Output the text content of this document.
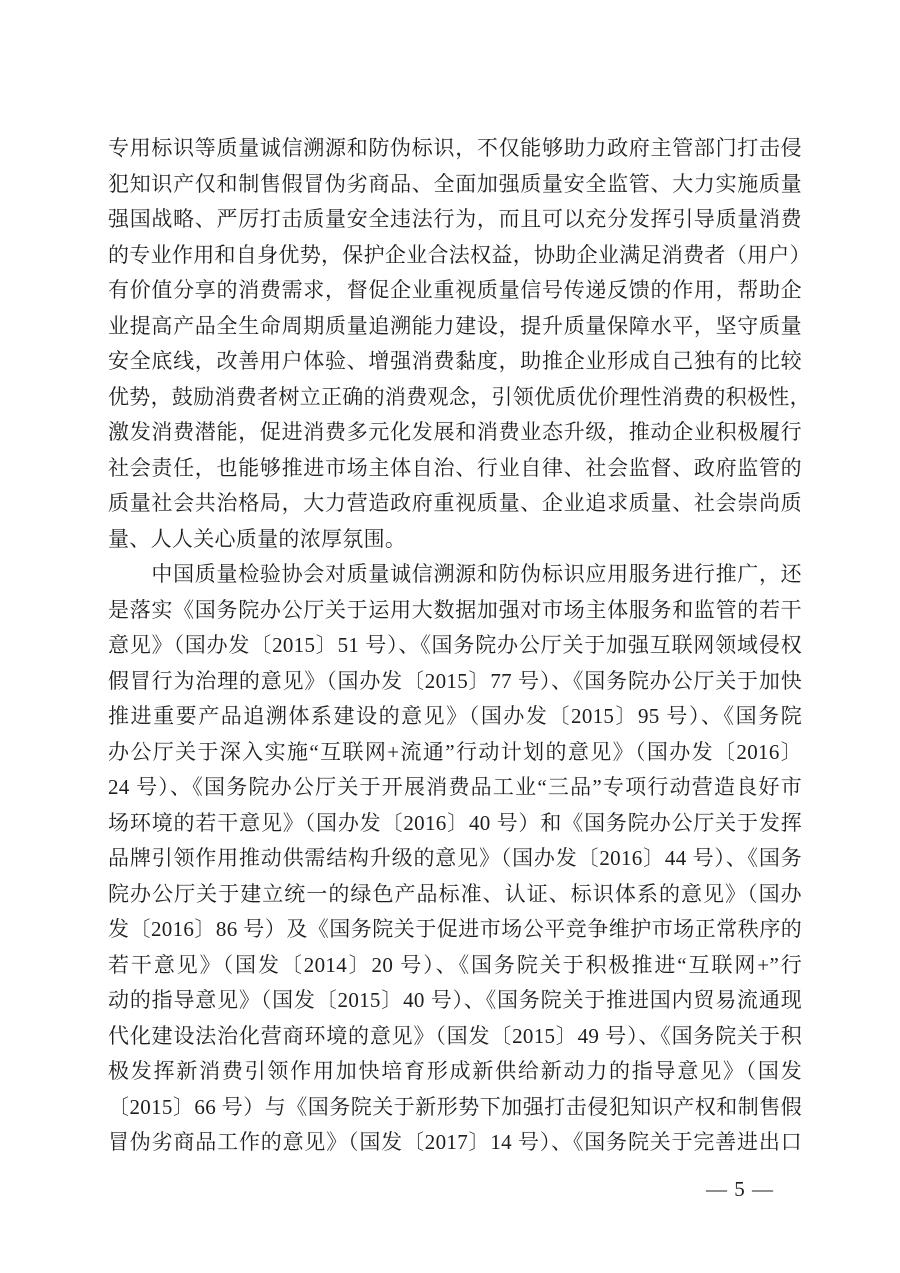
专用标识等质量诚信溯源和防伪标识，不仅能够助力政府主管部门打击侵
犯知识产仅和制售假冒伪劣商品、全面加强质量安全监管、大力实施质量
强国战略、严厉打击质量安全违法行为，而且可以充分发挥引导质量消费
的专业作用和自身优势，保护企业合法权益，协助企业满足消费者（用户）
有价值分享的消费需求，督促企业重视质量信号传递反馈的作用，帮助企
业提高产品全生命周期质量追溯能力建设，提升质量保障水平，坚守质量
安全底线，改善用户体验、增强消费黏度，助推企业形成自己独有的比较
优势，鼓励消费者树立正确的消费观念，引领优质优价理性消费的积极性，
激发消费潜能，促进消费多元化发展和消费业态升级，推动企业积极履行
社会责任，也能够推进市场主体自治、行业自律、社会监督、政府监管的
质量社会共治格局，大力营造政府重视质量、企业追求质量、社会崇尚质
量、人人关心质量的浓厚氛围。
　　中国质量检验协会对质量诚信溯源和防伪标识应用服务进行推广，还
是落实《国务院办公厅关于运用大数据加强对市场主体服务和监管的若干
意见》（国办发〔2015〕51 号）、《国务院办公厅关于加强互联网领域侵权
假冒行为治理的意见》（国办发〔2015〕77 号）、《国务院办公厅关于加快
推进重要产品追溯体系建设的意见》（国办发〔2015〕95 号）、《国务院
办公厅关于深入实施“互联网+流通”行动计划的意见》（国办发〔2016〕
24 号）、《国务院办公厅关于开展消费品工业“三品”专项行动营造良好市
场环境的若干意见》（国办发〔2016〕40 号）和《国务院办公厅关于发挥
品牌引领作用推动供需结构升级的意见》（国办发〔2016〕44 号）、《国务
院办公厅关于建立统一的绿色产品标准、认证、标识体系的意见》（国办
发〔2016〕86 号）及《国务院关于促进市场公平竞争维护市场正常秩序的
若干意见》（国发〔2014〕20 号）、《国务院关于积极推进“互联网+”行
动的指导意见》（国发〔2015〕40 号）、《国务院关于推进国内贸易流通现
代化建设法治化营商环境的意见》（国发〔2015〕49 号）、《国务院关于积
极发挥新消费引领作用加快培育形成新供给新动力的指导意见》（国发
〔2015〕66 号）与《国务院关于新形势下加强打击侵犯知识产权和制售假
冒伪劣商品工作的意见》（国发〔2017〕14 号）、《国务院关于完善进出口
— 5 —
